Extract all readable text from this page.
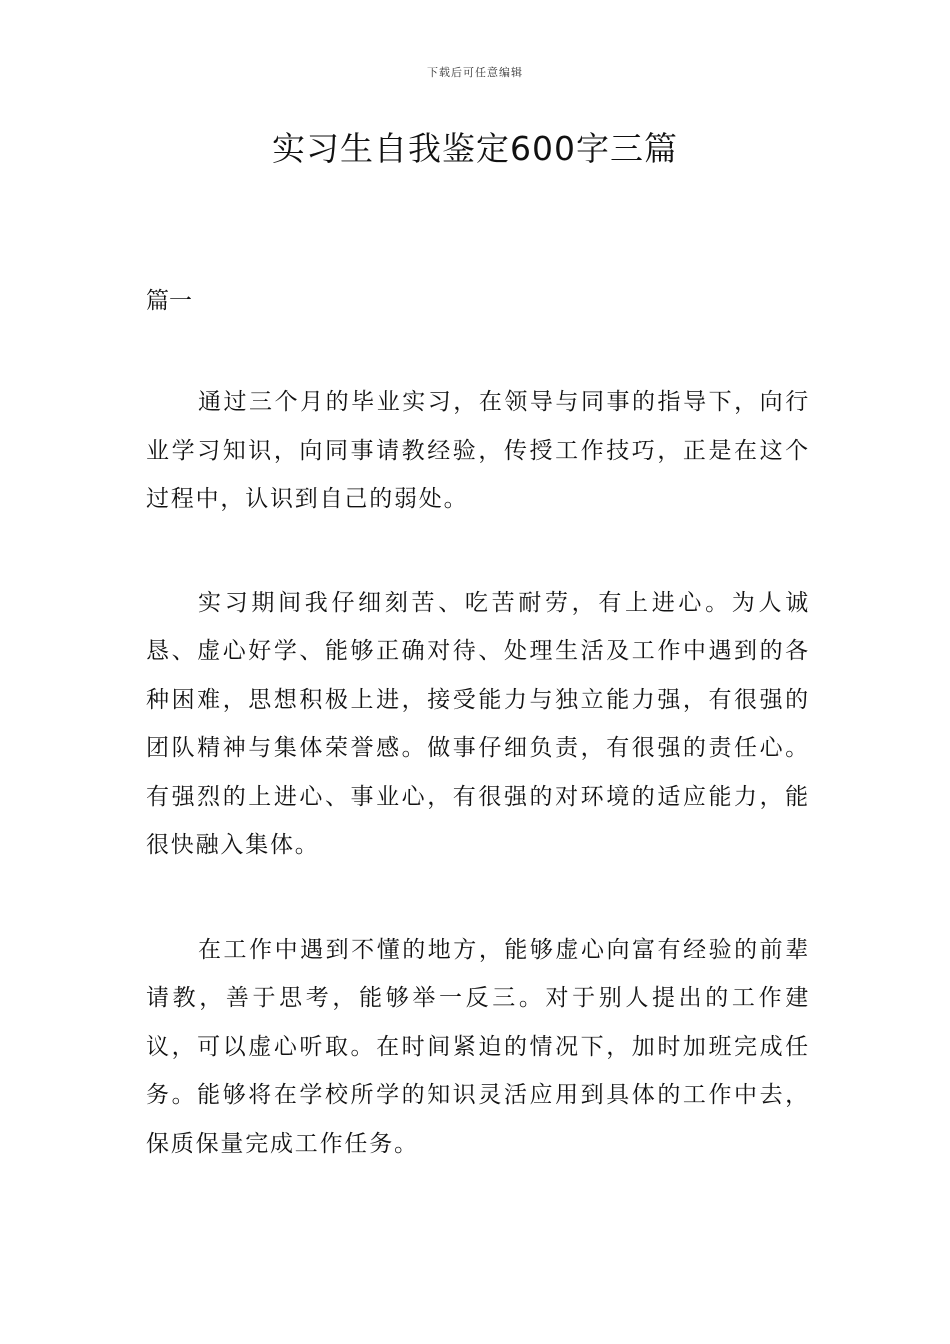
下载后可任意编辑
实习生自我鉴定600字三篇

篇一

通过三个月的毕业实习，在领导与同事的指导下，向行业学习知识，向同事请教经验，传授工作技巧，正是在这个过程中，认识到自己的弱处。

实习期间我仔细刻苦、吃苦耐劳，有上进心。为人诚恳、虚心好学、能够正确对待、处理生活及工作中遇到的各种困难，思想积极上进，接受能力与独立能力强，有很强的团队精神与集体荣誉感。做事仔细负责，有很强的责任心。有强烈的上进心、事业心，有很强的对环境的适应能力，能很快融入集体。

在工作中遇到不懂的地方，能够虚心向富有经验的前辈请教，善于思考，能够举一反三。对于别人提出的工作建议，可以虚心听取。在时间紧迫的情况下，加时加班完成任务。能够将在学校所学的知识灵活应用到具体的工作中去，保质保量完成工作任务。
